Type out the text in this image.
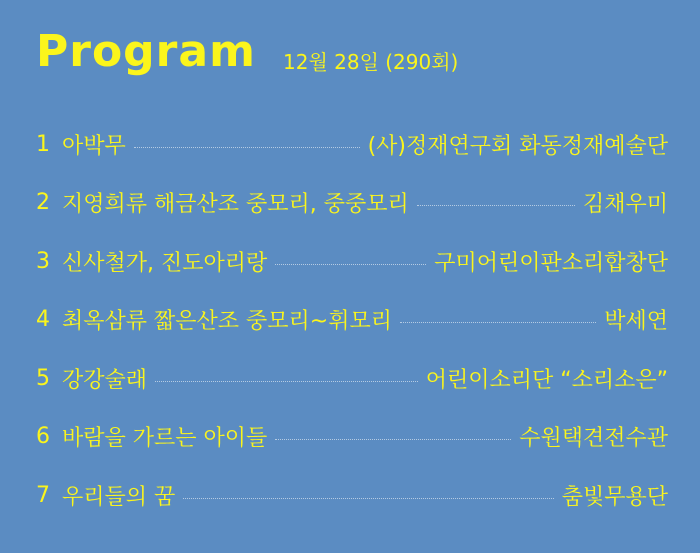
Program 12월 28일 (290회)
1 아박무	(사)정재연구회 화동정재예술단
2 지영희류 해금산조 중모리, 중중모리	김채우미
3 신사철가, 진도아리랑	구미어린이판소리합창단
4 최옥삼류 짧은산조 중모리~휘모리	박세연
5 강강술래	어린이소리단 “소리소은”
6 바람을 가르는 아이들	수원택견전수관
7 우리들의 꿈	춤빛무용단
